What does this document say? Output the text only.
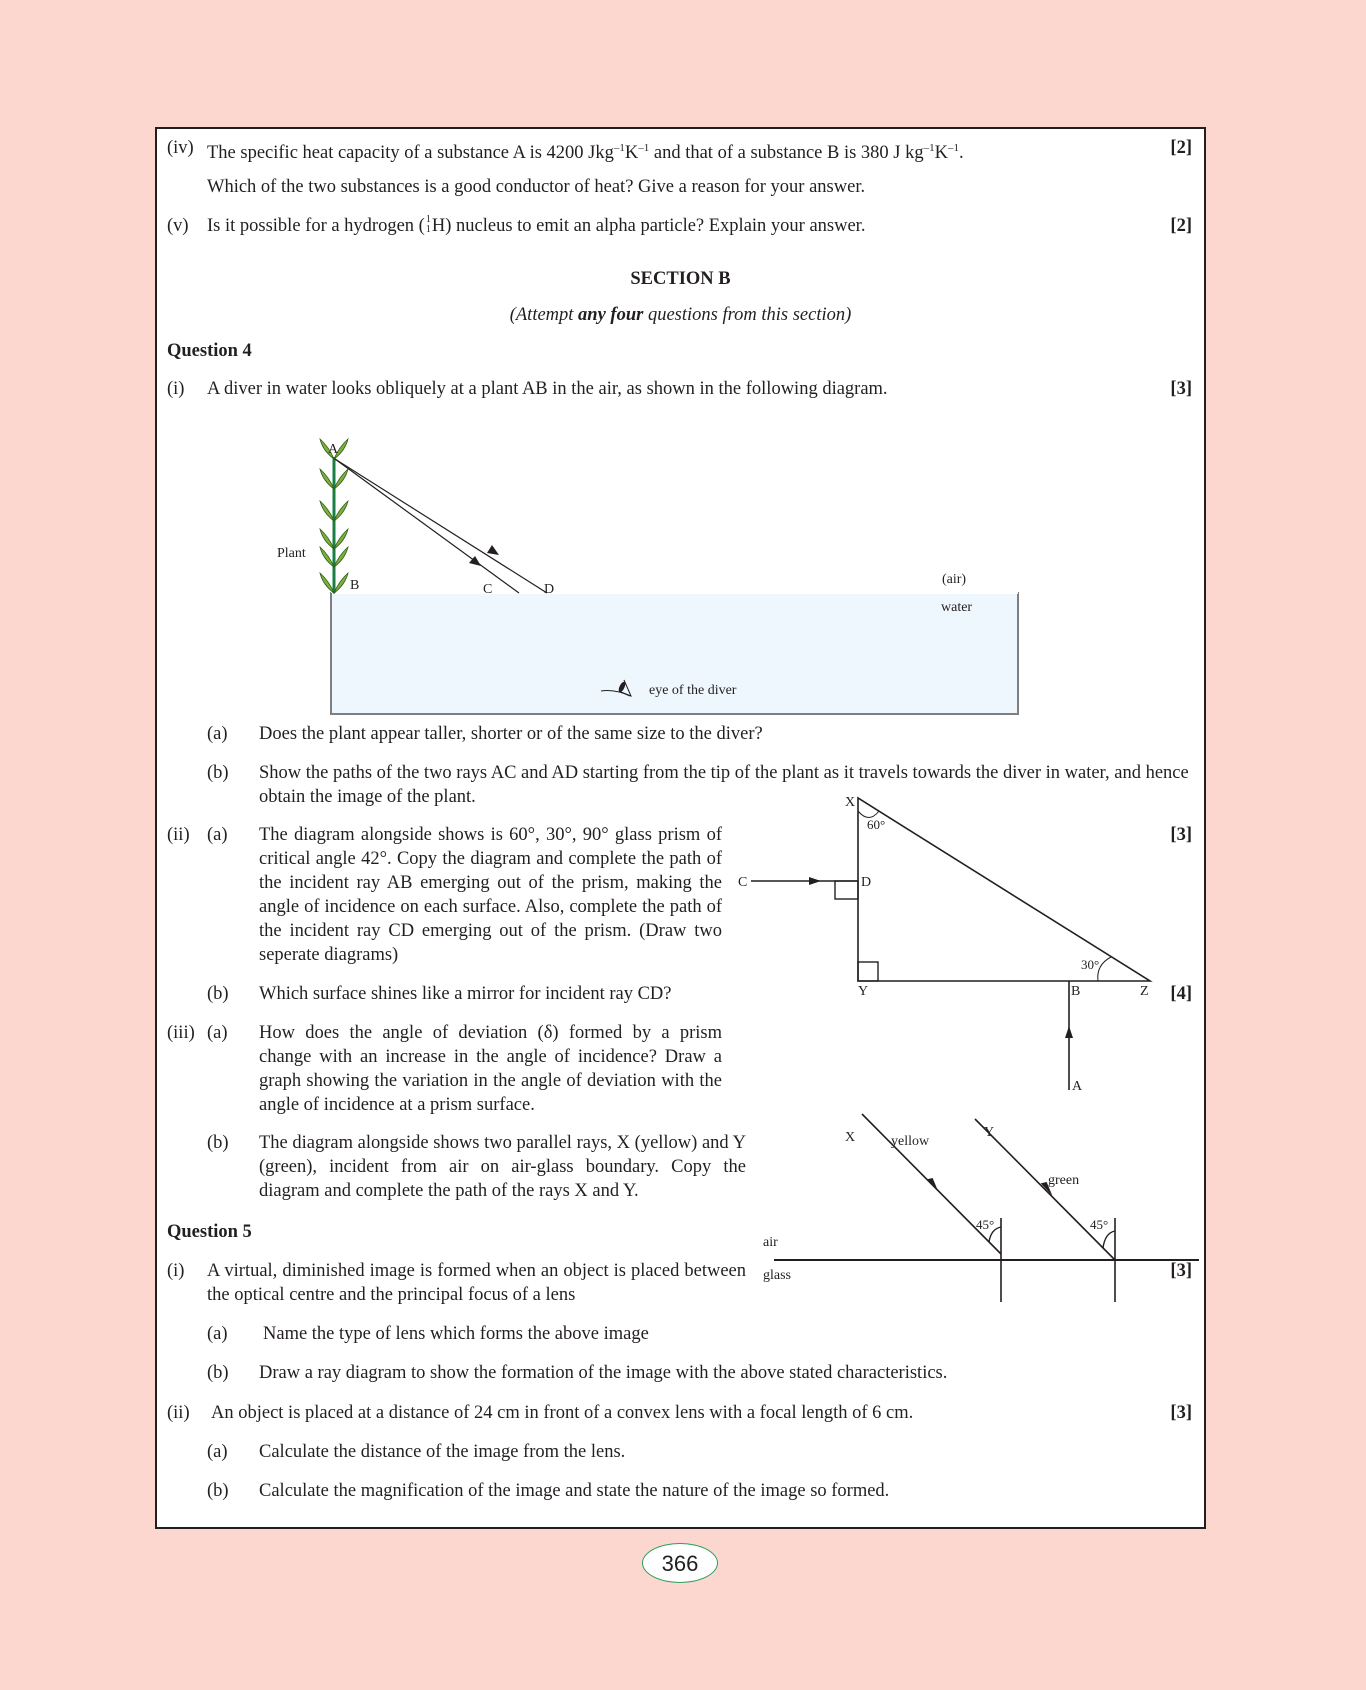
(iv) The specific heat capacity of a substance A is 4200 $Jkg^{-1}K^{-1}$ and that of a substance B is 380 J $kg^{-1}K^{-1}$.	[2]
Which of the two substances is a good conductor of heat? Give a reason for your answer.
(v) Is it possible for a hydrogen ( 1
1 H) nucleus to emit an alpha particle? Explain your answer.	[2]
SECTION B
(Attempt any four questions from this section)
Question 4
(i) A diver in water looks obliquely at a plant AB in the air, as shown in the following diagram.	[3]
(a) Does the plant appear taller, shorter or of the same size to the diver?
(b) Show the paths of the two rays AC and AD starting from the tip of the plant as it travels towards the diver in water, and hence obtain the image of the plant.
(ii) (a) The diagram alongside shows is 60°, 30°, 90° glass prism of critical angle 42°. Copy the diagram and complete the path of the incident ray AB emerging out of the prism, making the angle of incidence on each surface. Also, complete the path of the incident ray CD emerging out of the prism. (Draw two seperate diagrams)
[3]
(b) Which surface shines like a mirror for incident ray CD?	[4]
(iii) (a) How does the angle of deviation (δ) formed by a prism change with an increase in the angle of incidence? Draw a graph showing the variation in the angle of deviation with the angle of incidence at a prism surface.
(b) The diagram alongside shows two parallel rays, X (yellow) and Y (green), incident from air on air-glass boundary. Copy the diagram and complete the path of the rays X and Y.
Question 5
(i) A virtual, diminished image is formed when an object is placed between the optical centre and the principal focus of a lens
[3]
(a) Name the type of lens which forms the above image
(b) Draw a ray diagram to show the formation of the image with the above stated characteristics.
(ii) An object is placed at a distance of 24 cm in front of a convex lens with a focal length of 6 cm.	[3]
(a) Calculate the distance of the image from the lens.
(b) Calculate the magnification of the image and state the nature of the image so formed.
A
B	C	D
Plant
(air)
water
eye of the diver
X
60°
C	D
30°
Y	B	Z
A
X	yellow
Y
green
45°	45°
air
glass
366
